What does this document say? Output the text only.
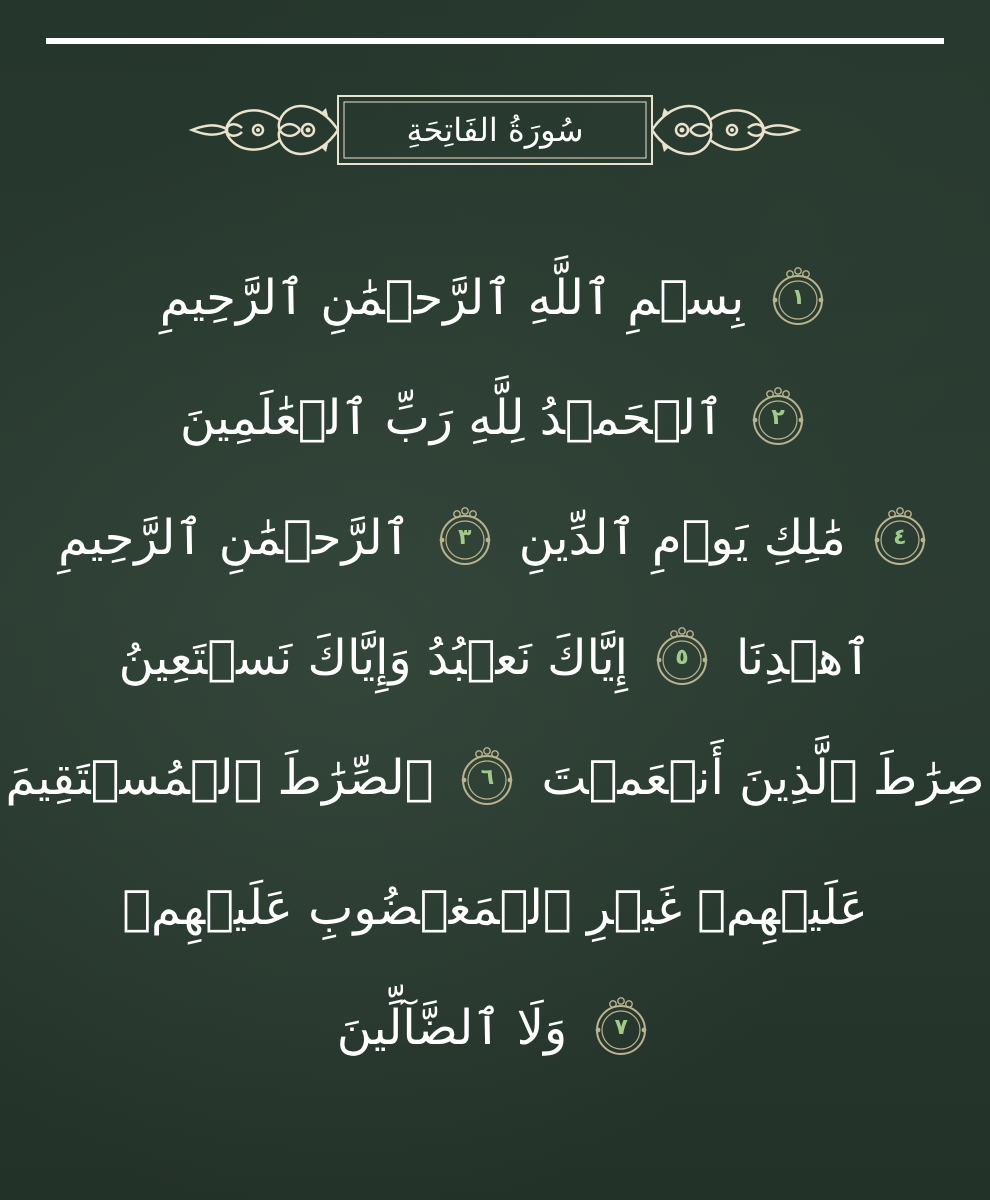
سُورَةُ الفَاتِحَةِ
بِسۡمِ ٱللَّهِ ٱلرَّحۡمَٰنِ ٱلرَّحِيمِ	١
ٱلۡحَمۡدُ لِلَّهِ رَبِّ ٱلۡعَٰلَمِينَ	٢
ٱلرَّحۡمَٰنِ ٱلرَّحِيمِ	٣ مَٰلِكِ يَوۡمِ ٱلدِّينِ	٤
إِيَّاكَ نَعۡبُدُ وَإِيَّاكَ نَسۡتَعِينُ	٥ ٱهۡدِنَا
ٱلصِّرَٰطَ ٱلۡمُسۡتَقِيمَ	٦ صِرَٰطَ ٱلَّذِينَ أَنۡعَمۡتَ
عَلَيۡهِمۡ غَيۡرِ ٱلۡمَغۡضُوبِ عَلَيۡهِمۡ
وَلَا ٱلضَّآلِّينَ	٧
